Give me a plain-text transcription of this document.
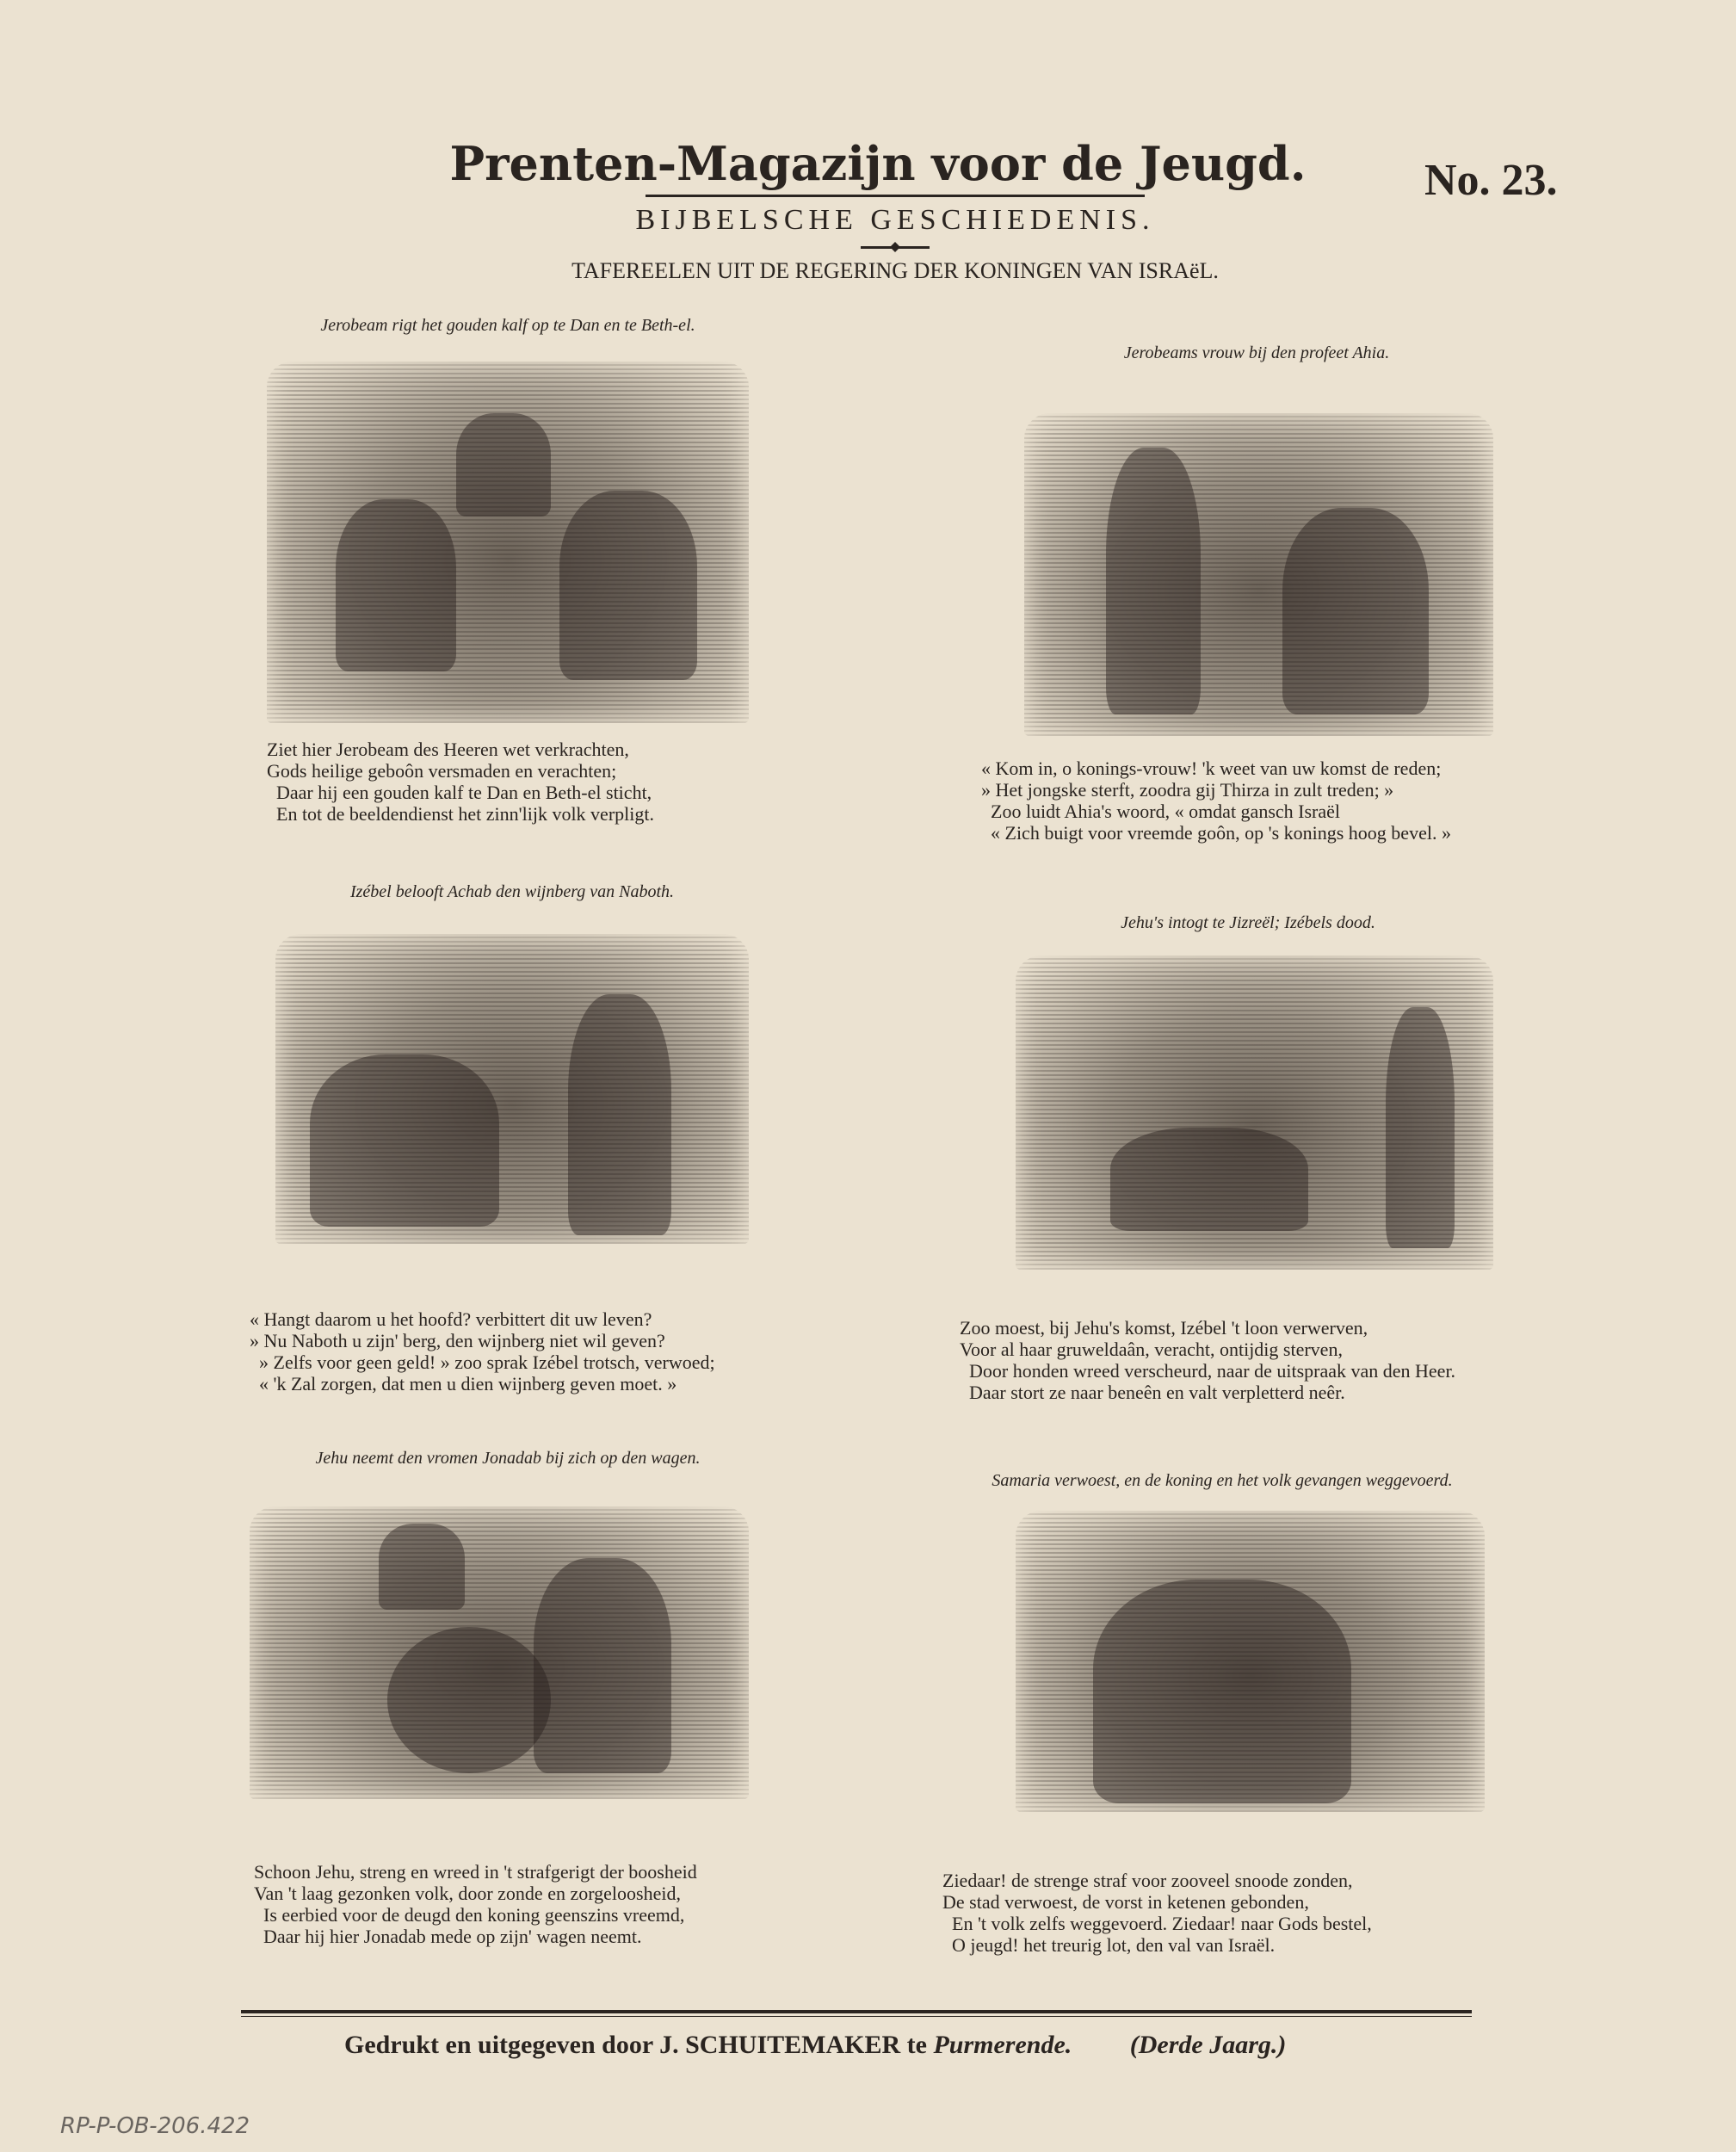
Prenten-Magazijn voor de Jeugd.	No. 23.
BIJBELSCHE GESCHIEDENIS.
TAFEREELEN UIT DE REGERING DER KONINGEN VAN ISRAëL.
Jerobeam rigt het gouden kalf op te Dan en te Beth-el.
Ziet hier Jerobeam des Heeren wet verkrachten,
Gods heilige geboôn versmaden en verachten;
Daar hij een gouden kalf te Dan en Beth-el sticht,
En tot de beeldendienst het zinn'lijk volk verpligt.
Jerobeams vrouw bij den profeet Ahia.
« Kom in, o konings-vrouw! 'k weet van uw komst de reden;
» Het jongske sterft, zoodra gij Thirza in zult treden; »
Zoo luidt Ahia's woord, « omdat gansch Israël
« Zich buigt voor vreemde goôn, op 's konings hoog bevel. »
Izébel belooft Achab den wijnberg van Naboth.
« Hangt daarom u het hoofd? verbittert dit uw leven?
» Nu Naboth u zijn' berg, den wijnberg niet wil geven?
» Zelfs voor geen geld! » zoo sprak Izébel trotsch, verwoed;
« 'k Zal zorgen, dat men u dien wijnberg geven moet. »
Jehu's intogt te Jizreël; Izébels dood.
Zoo moest, bij Jehu's komst, Izébel 't loon verwerven,
Voor al haar gruweldaân, veracht, ontijdig sterven,
Door honden wreed verscheurd, naar de uitspraak van den Heer.
Daar stort ze naar beneên en valt verpletterd neêr.
Jehu neemt den vromen Jonadab bij zich op den wagen.
Schoon Jehu, streng en wreed in 't strafgerigt der boosheid
Van 't laag gezonken volk, door zonde en zorgeloosheid,
Is eerbied voor de deugd den koning geenszins vreemd,
Daar hij hier Jonadab mede op zijn' wagen neemt.
Samaria verwoest, en de koning en het volk gevangen weggevoerd.
Ziedaar! de strenge straf voor zooveel snoode zonden,
De stad verwoest, de vorst in ketenen gebonden,
En 't volk zelfs weggevoerd. Ziedaar! naar Gods bestel,
O jeugd! het treurig lot, den val van Israël.
Gedrukt en uitgegeven door J. SCHUITEMAKER te Purmerende. (Derde Jaarg.)
RP-P-OB-206.422
